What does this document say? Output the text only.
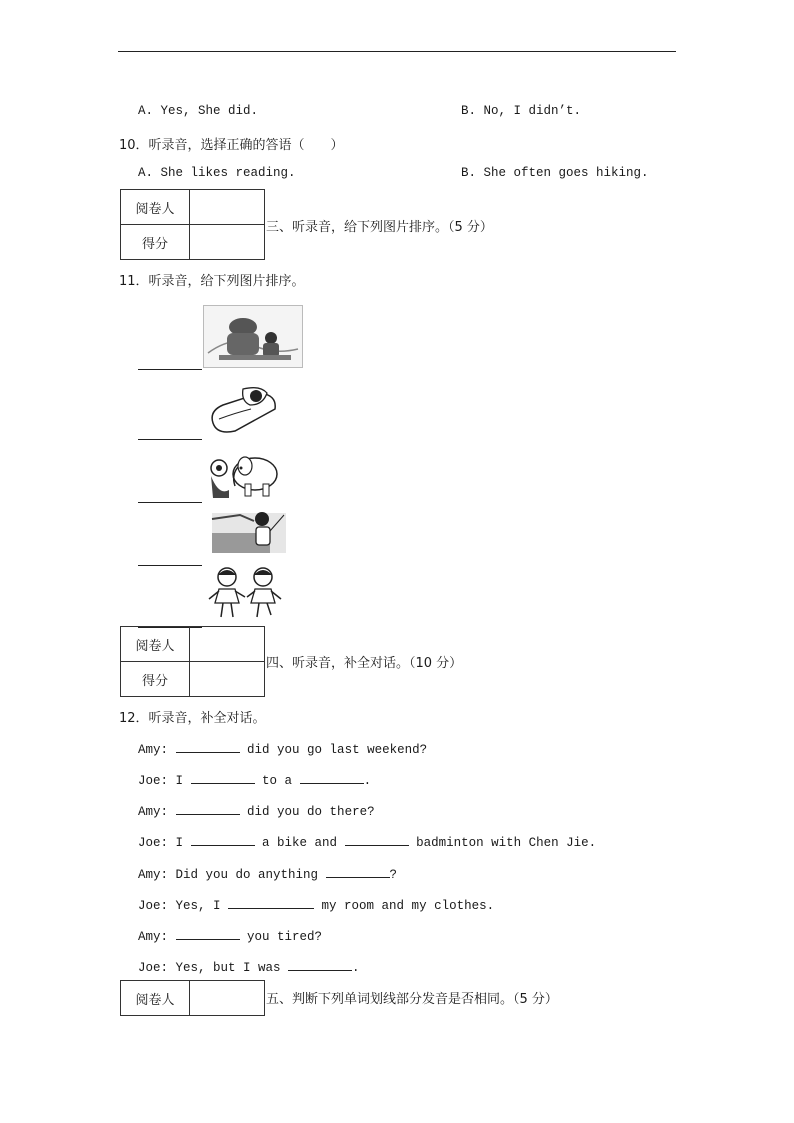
A. Yes, She did.	B. No, I didn’t.
10．听录音，选择正确的答语（　　）
A. She likes reading.	B. She often goes hiking.
阅卷人	
得分	
三、听录音，给下列图片排序。（5 分）
11．听录音，给下列图片排序。
阅卷人	
得分	
四、听录音，补全对话。（10 分）
12．听录音，补全对话。
Amy:	did you go last weekend?
Joe: I	to a	.
Amy:	did you do there?
Joe: I	a bike and	badminton with Chen Jie.
Amy: Did you do anything	?
Joe: Yes, I	my room and my clothes.
Amy:	you tired?
Joe: Yes, but I was	.
阅卷人		五、判断下列单词划线部分发音是否相同。（5 分）
